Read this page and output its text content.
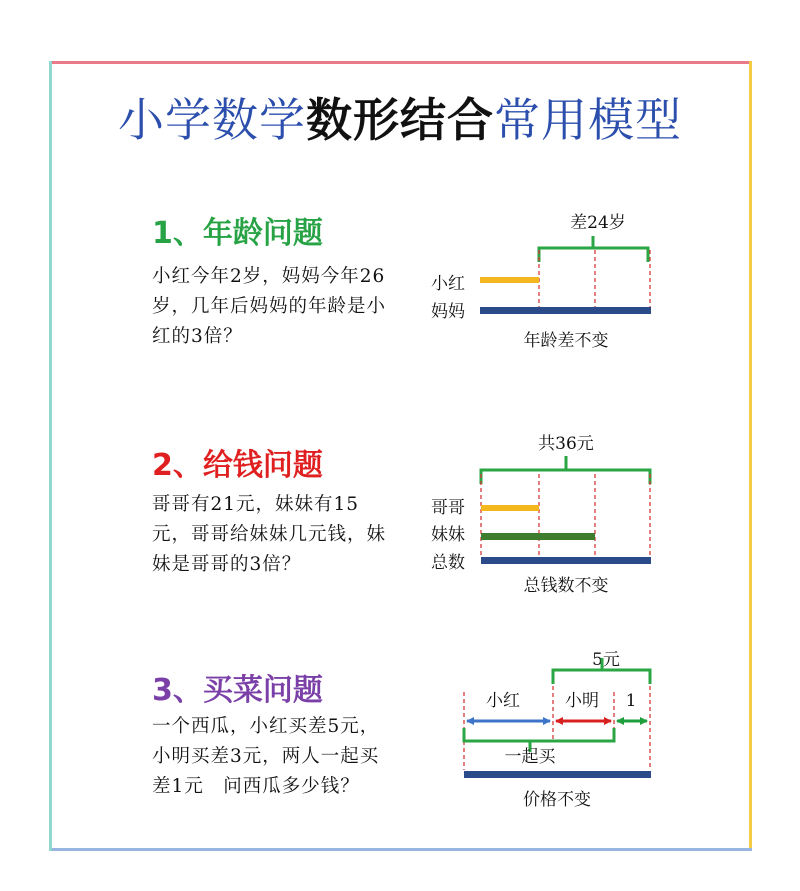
小学数学数形结合常用模型
1、年龄问题
小红今年2岁，妈妈今年26岁，几年后妈妈的年龄是小红的3倍？
2、给钱问题
哥哥有21元，妹妹有15元，哥哥给妹妹几元钱，妹妹是哥哥的3倍？
3、买菜问题
一个西瓜，小红买差5元，小明买差3元，两人一起买差1元　问西瓜多少钱？
差24岁
小红
妈妈
年龄差不变
共36元
哥哥
妹妹
总数
总钱数不变
5元
小红	小明 1
一起买
价格不变
